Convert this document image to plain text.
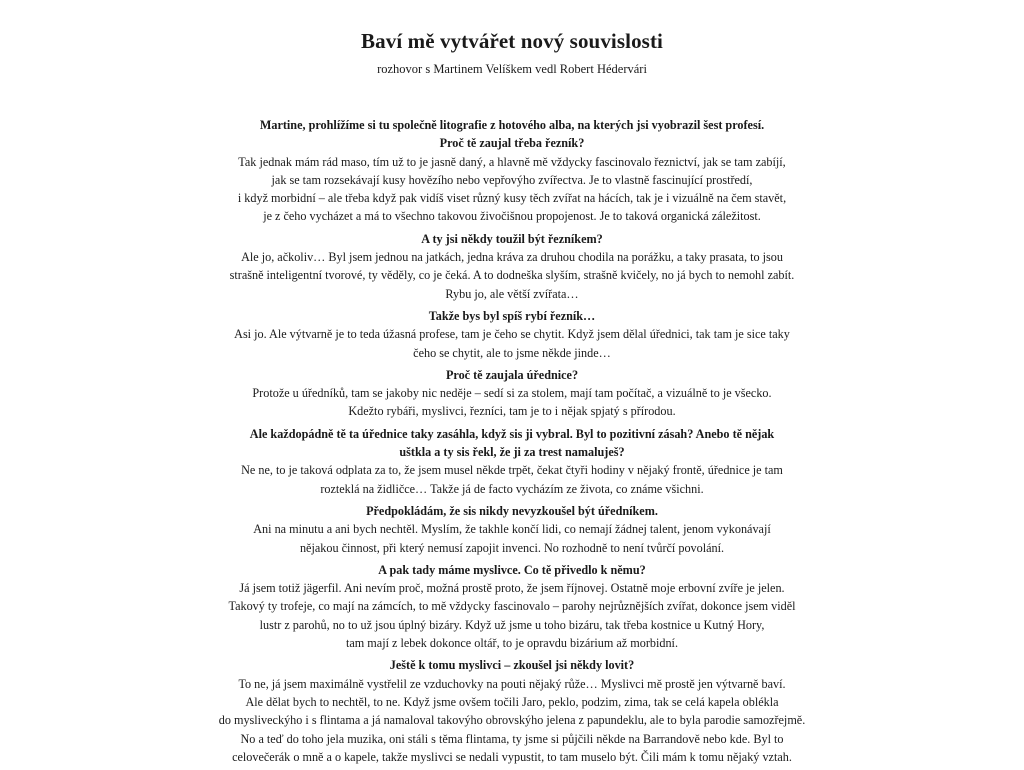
Baví mě vytvářet nový souvislosti
rozhovor s Martinem Velíškem vedl Robert Hédervári
Martine, prohlížíme si tu společně litografie z hotového alba, na kterých jsi vyobrazil šest profesí.
Proč tě zaujal třeba řezník?
Tak jednak mám rád maso, tím už to je jasně daný, a hlavně mě vždycky fascinovalo řeznictví, jak se tam zabíjí,
jak se tam rozsekávají kusy hovězího nebo vepřovýho zvířectva. Je to vlastně fascinující prostředí,
i když morbidní – ale třeba když pak vidíš viset různý kusy těch zvířat na hácích, tak je i vizuálně na čem stavět,
je z čeho vycházet a má to všechno takovou živočišnou propojenost. Je to taková organická záležitost.
A ty jsi někdy toužil být řezníkem?
Ale jo, ačkoliv… Byl jsem jednou na jatkách, jedna kráva za druhou chodila na porážku, a taky prasata, to jsou
strašně inteligentní tvorové, ty věděly, co je čeká. A to dodneška slyším, strašně kvičely, no já bych to nemohl zabít.
Rybu jo, ale větší zvířata…
Takže bys byl spíš rybí řezník…
Asi jo. Ale výtvarně je to teda úžasná profese, tam je čeho se chytit. Když jsem dělal úřednici, tak tam je sice taky
čeho se chytit, ale to jsme někde jinde…
Proč tě zaujala úřednice?
Protože u úředníků, tam se jakoby nic neděje – sedí si za stolem, mají tam počítač, a vizuálně to je všecko.
Kdežto rybáři, myslivci, řezníci, tam je to i nějak spjatý s přírodou.
Ale každopádně tě ta úřednice taky zasáhla, když sis ji vybral. Byl to pozitivní zásah? Anebo tě nějak
uštkla a ty sis řekl, že ji za trest namaluješ?
Ne ne, to je taková odplata za to, že jsem musel někde trpět, čekat čtyři hodiny v nějaký frontě, úřednice je tam
rozteklá na židličce… Takže já de facto vycházím ze života, co známe všichni.
Předpokládám, že sis nikdy nevyzkoušel být úředníkem.
Ani na minutu a ani bych nechtěl. Myslím, že takhle končí lidi, co nemají žádnej talent, jenom vykonávají
nějakou činnost, při který nemusí zapojit invenci. No rozhodně to není tvůrčí povolání.
A pak tady máme myslivce. Co tě přivedlo k němu?
Já jsem totiž jägerfil. Ani nevím proč, možná prostě proto, že jsem říjnovej. Ostatně moje erbovní zvíře je jelen.
Takový ty trofeje, co mají na zámcích, to mě vždycky fascinovalo – parohy nejrůznějších zvířat, dokonce jsem viděl
lustr z parohů, no to už jsou úplný bizáry. Když už jsme u toho bizáru, tak třeba kostnice u Kutný Hory,
tam mají z lebek dokonce oltář, to je opravdu bizárium až morbidní.
Ještě k tomu myslivci – zkoušel jsi někdy lovit?
To ne, já jsem maximálně vystřelil ze vzduchovky na pouti nějaký růže… Myslivci mě prostě jen výtvarně baví.
Ale dělat bych to nechtěl, to ne. Když jsme ovšem točili Jaro, peklo, podzim, zima, tak se celá kapela oblékla
do mysliveckýho i s flintama a já namaloval takovýho obrovskýho jelena z papundeklu, ale to byla parodie samozřejmě.
No a teď do toho jela muzika, oni stáli s těma flintama, ty jsme si půjčili někde na Barrandově nebo kde. Byl to
celovečerák o mně a o kapele, takže myslivci se nedali vypustit, to tam muselo být. Čili mám k tomu nějaký vztah.
